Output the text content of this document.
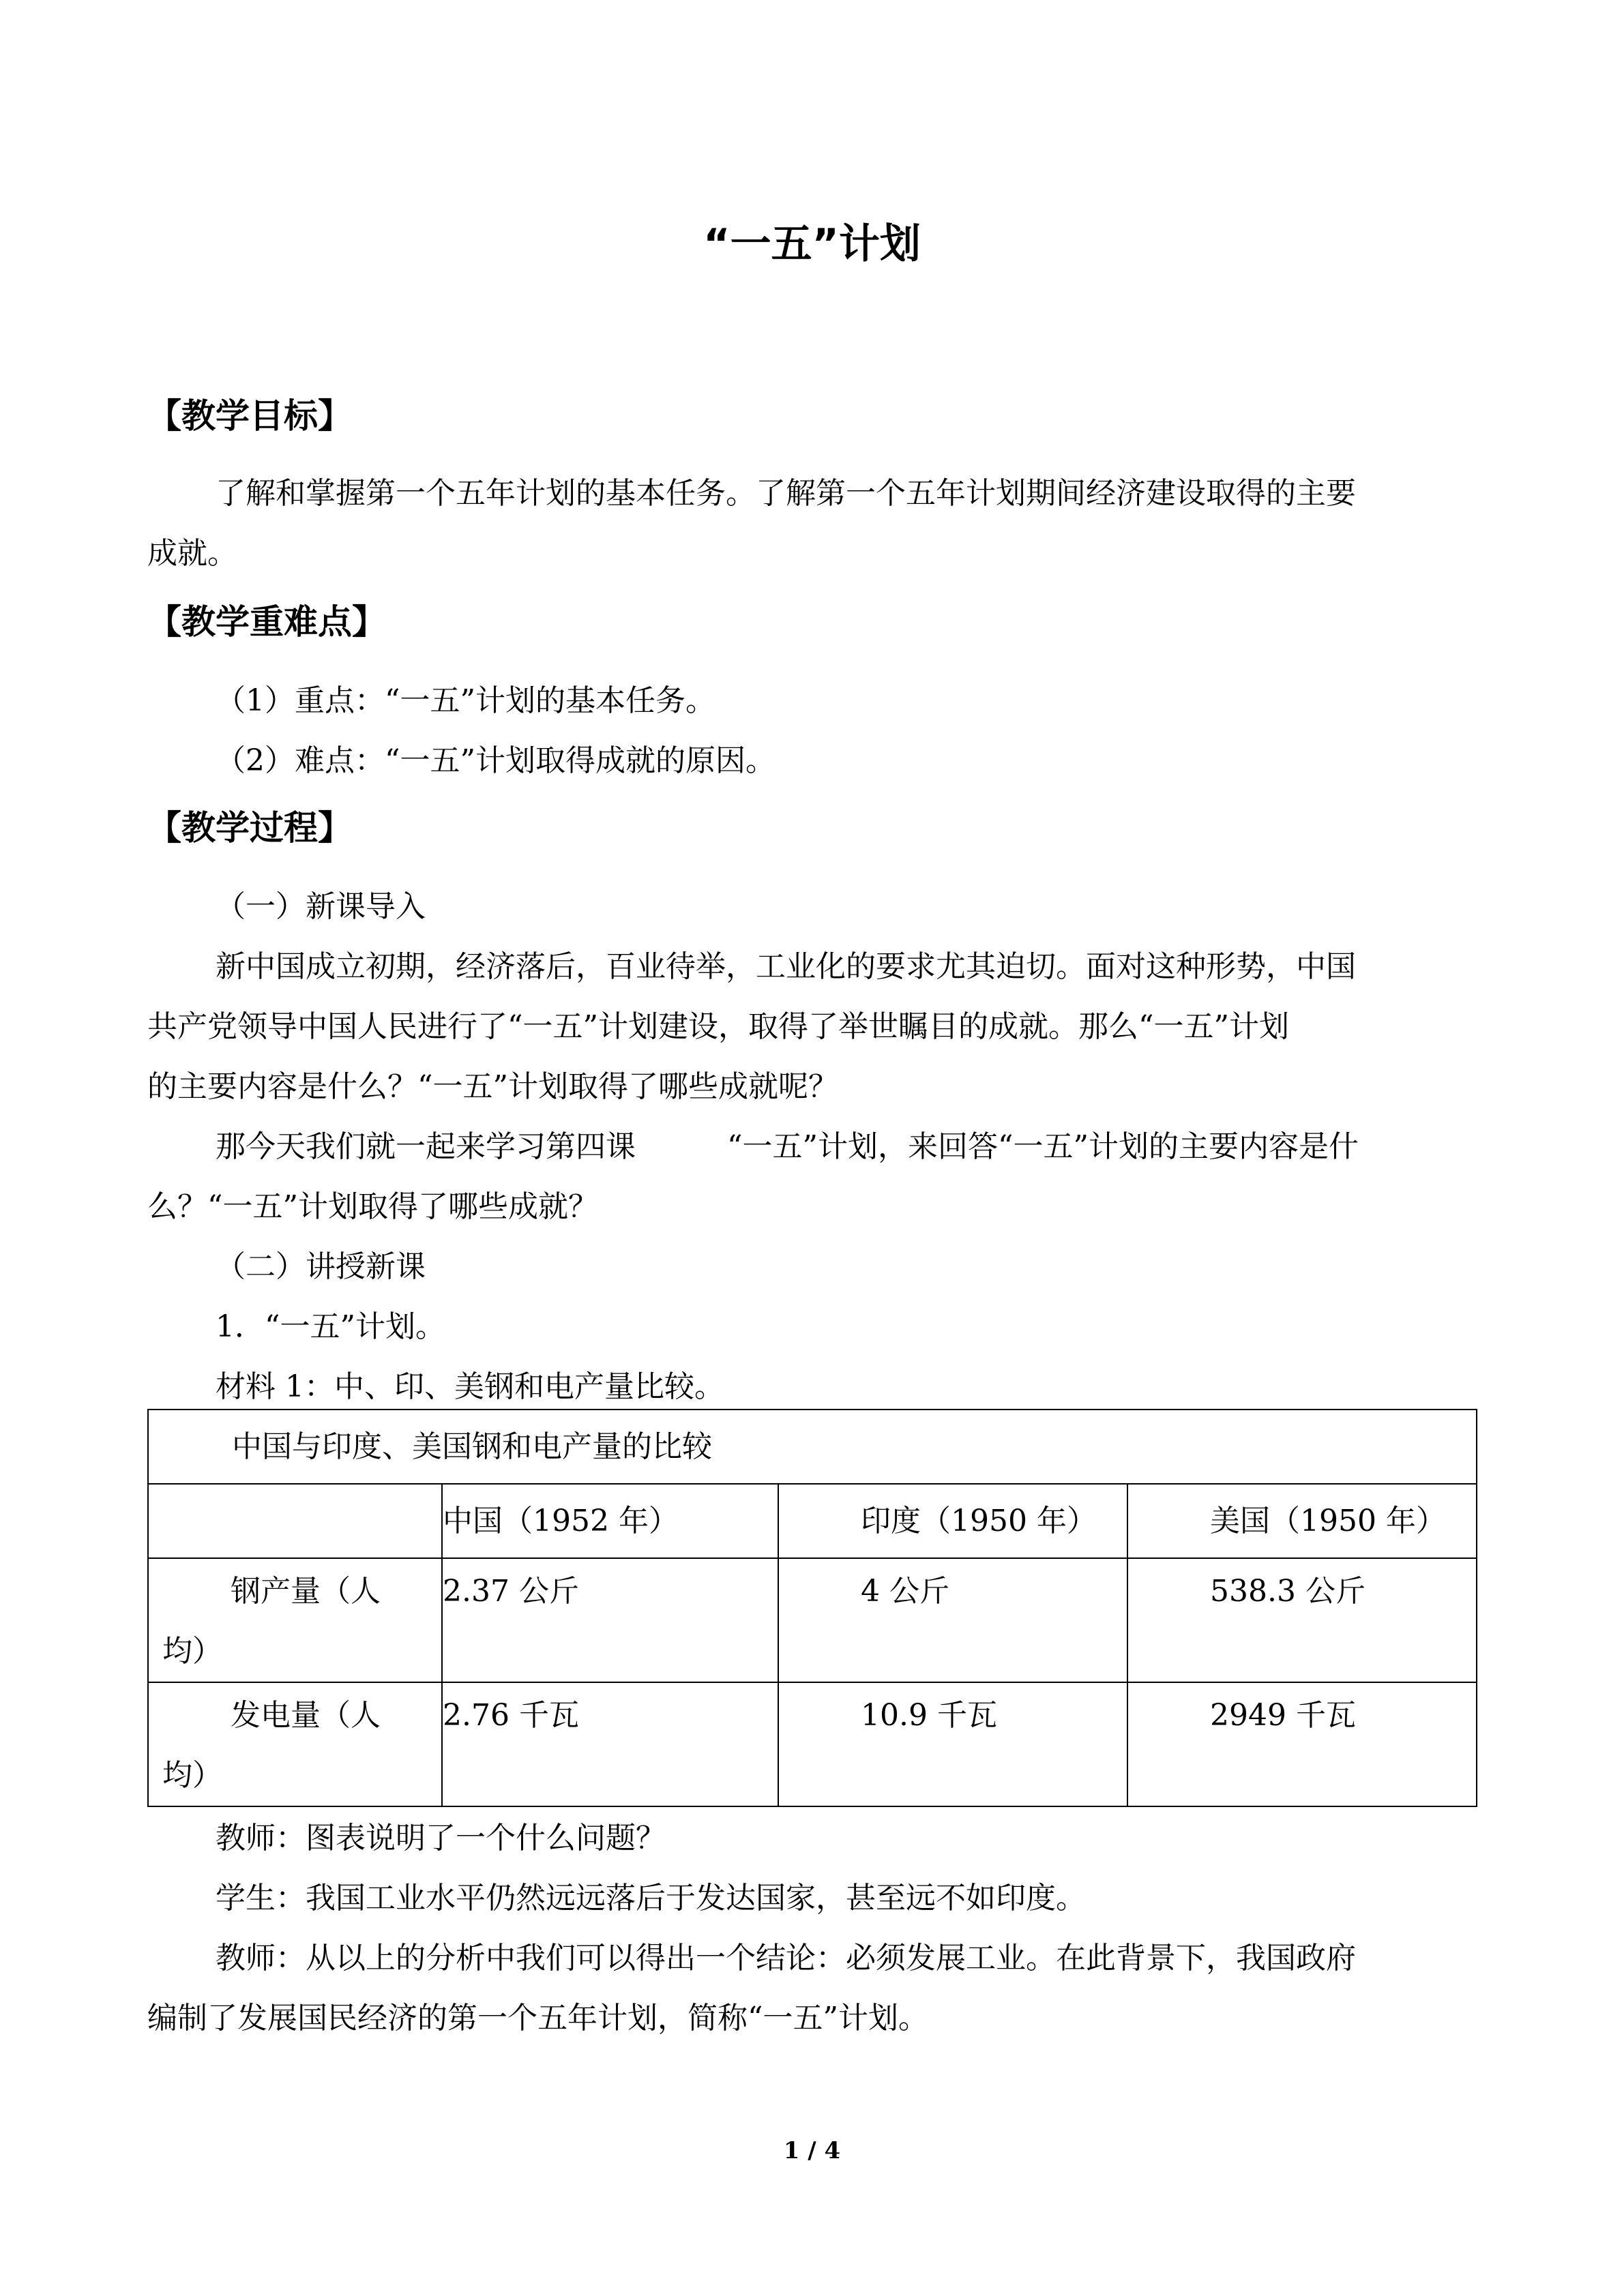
“一五”计划
【教学目标】
了解和掌握第一个五年计划的基本任务。了解第一个五年计划期间经济建设取得的主要
成就。
【教学重难点】
（1）重点：“一五”计划的基本任务。
（2）难点：“一五”计划取得成就的原因。
【教学过程】
（一）新课导入
新中国成立初期，经济落后，百业待举，工业化的要求尤其迫切。面对这种形势，中国
共产党领导中国人民进行了“一五”计划建设，取得了举世瞩目的成就。那么“一五”计划
的主要内容是什么？“一五”计划取得了哪些成就呢？
那今天我们就一起来学习第四课	“一五”计划，来回答“一五”计划的主要内容是什
么？“一五”计划取得了哪些成就？
（二）讲授新课
1．“一五”计划。
材料 1：中、印、美钢和电产量比较。
中国与印度、美国钢和电产量的比较			
	中国（1952 年）	印度（1950 年）	美国（1950 年）

钢产量（人
均）	2.37 公斤	4 公斤	538.3 公斤

发电量（人
均）	2.76 千瓦	10.9 千瓦	2949 千瓦
教师：图表说明了一个什么问题？
学生：我国工业水平仍然远远落后于发达国家，甚至远不如印度。
教师：从以上的分析中我们可以得出一个结论：必须发展工业。在此背景下，我国政府
编制了发展国民经济的第一个五年计划，简称“一五”计划。
1 / 4
